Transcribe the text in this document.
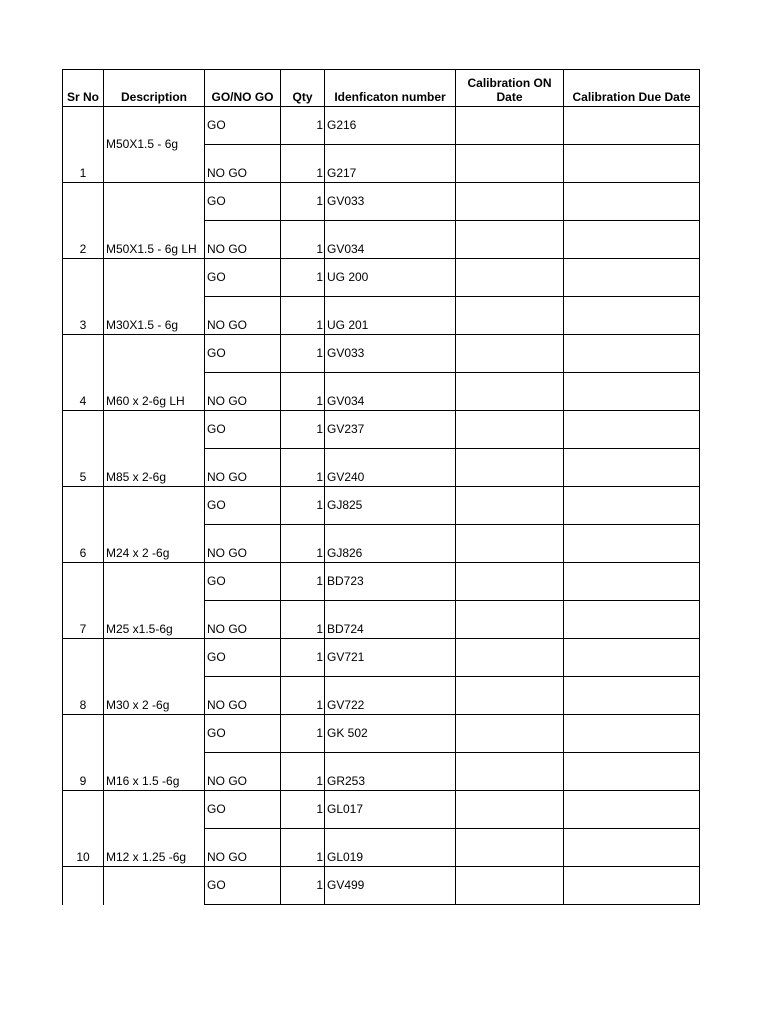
Sr No	Description	GO/NO GO	Qty	Idenficaton number	Calibration ON Date	Calibration Due Date
1	M50X1.5 - 6g	GO	1	G216		
		NO GO	1	G217		
2	M50X1.5 - 6g LH	GO	1	GV033		
		NO GO	1	GV034		
3	M30X1.5 - 6g	GO	1	UG 200		
		NO GO	1	UG 201		
4	M60 x 2-6g LH	GO	1	GV033		
		NO GO	1	GV034		
5	M85 x 2-6g	GO	1	GV237		
		NO GO	1	GV240		
6	M24 x 2 -6g	GO	1	GJ825		
		NO GO	1	GJ826		
7	M25 x1.5-6g	GO	1	BD723		
		NO GO	1	BD724		
8	M30 x 2 -6g	GO	1	GV721		
		NO GO	1	GV722		
9	M16 x 1.5 -6g	GO	1	GK 502		
		NO GO	1	GR253		
10	M12 x 1.25 -6g	GO	1	GL017		
		NO GO	1	GL019		
		GO	1	GV499		
